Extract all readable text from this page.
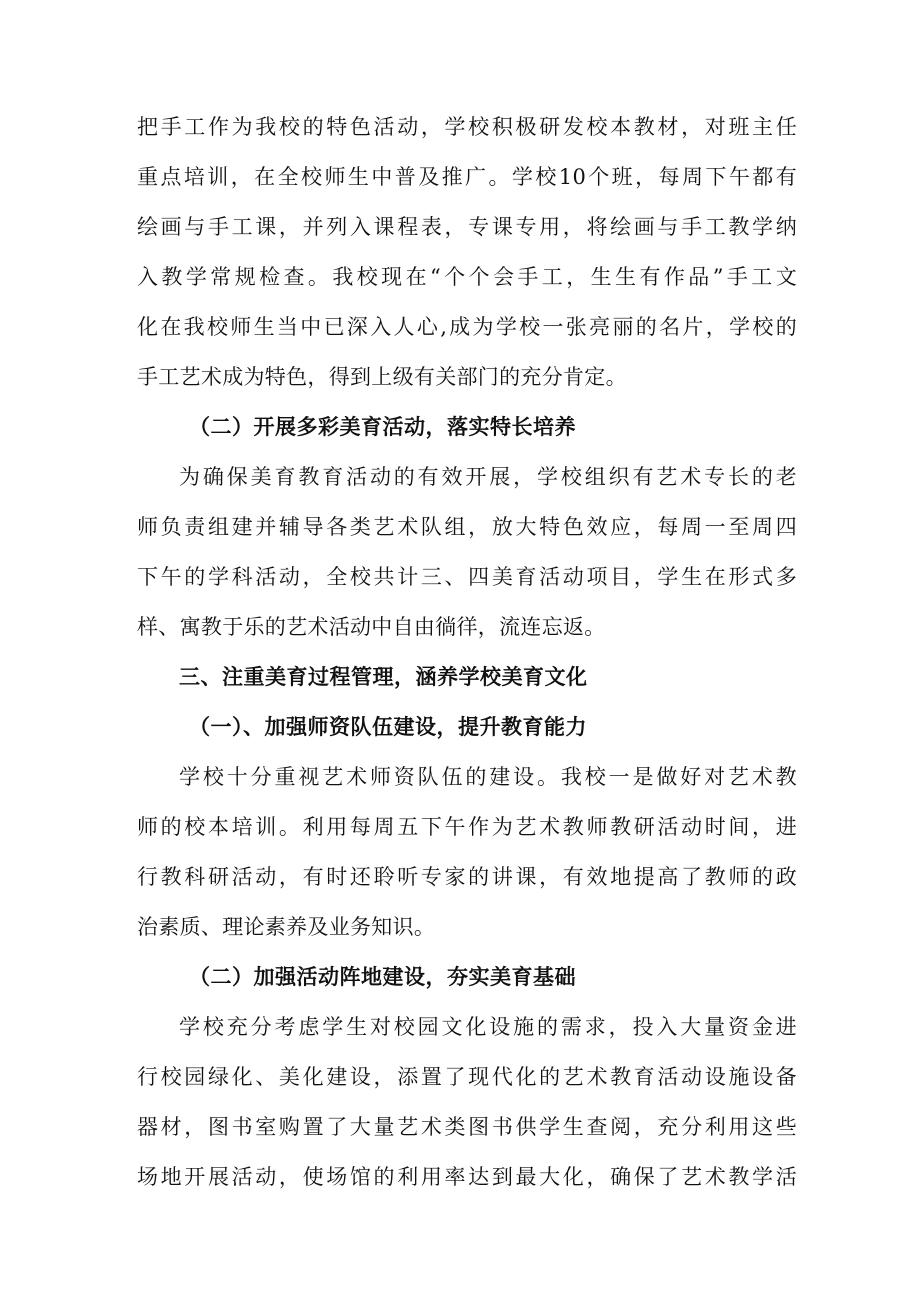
把手工作为我校的特色活动，学校积极研发校本教材，对班主任
重点培训，在全校师生中普及推广。学校10个班，每周下午都有
绘画与手工课，并列入课程表，专课专用，将绘画与手工教学纳
入教学常规检查。我校现在“个个会手工，生生有作品”手工文
化在我校师生当中已深入人心,成为学校一张亮丽的名片，学校的
手工艺术成为特色，得到上级有关部门的充分肯定。
（二）开展多彩美育活动，落实特长培养
为确保美育教育活动的有效开展，学校组织有艺术专长的老
师负责组建并辅导各类艺术队组，放大特色效应，每周一至周四
下午的学科活动，全校共计三、四美育活动项目，学生在形式多
样、寓教于乐的艺术活动中自由徜徉，流连忘返。
三、注重美育过程管理，涵养学校美育文化
（一）、加强师资队伍建设，提升教育能力
学校十分重视艺术师资队伍的建设。我校一是做好对艺术教
师的校本培训。利用每周五下午作为艺术教师教研活动时间，进
行教科研活动，有时还聆听专家的讲课，有效地提高了教师的政
治素质、理论素养及业务知识。
（二）加强活动阵地建设，夯实美育基础
学校充分考虑学生对校园文化设施的需求，投入大量资金进
行校园绿化、美化建设，添置了现代化的艺术教育活动设施设备
器材，图书室购置了大量艺术类图书供学生查阅，充分利用这些
场地开展活动，使场馆的利用率达到最大化，确保了艺术教学活
